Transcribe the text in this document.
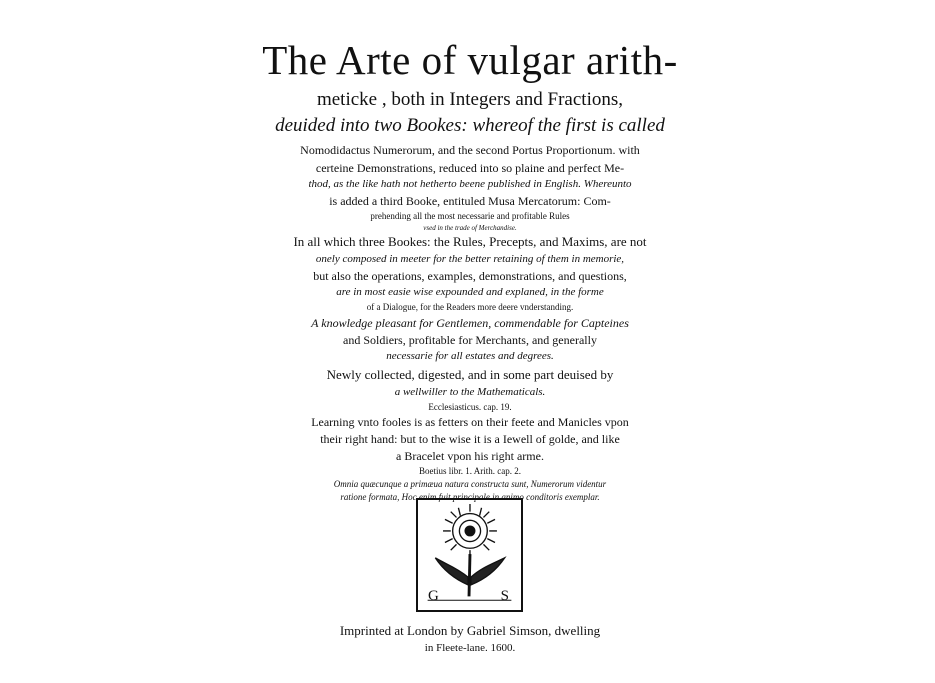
The Arte of vulgar arith-
meticke , both in Integers and Fractions,
deuided into two Bookes: whereof the first is called
Nomodidactus Numerorum, and the second Portus Proportionum. with
certeine Demonstrations, reduced into so plaine and perfect Me-
thod, as the like hath not hetherto beene published in English. Whereunto
is added a third Booke, entituled Musa Mercatorum: Com-
prehending all the most necessarie and profitable Rules
vsed in the trade of Merchandise.
In all which three Bookes: the Rules, Precepts, and Maxims, are not
onely composed in meeter for the better retaining of them in memorie,
but also the operations, examples, demonstrations, and questions,
are in most easie wise expounded and explaned, in the forme
of a Dialogue, for the Readers more deere vnderstanding.
A knowledge pleasant for Gentlemen, commendable for Capteines
and Soldiers, profitable for Merchants, and generally
necessarie for all estates and degrees.
Newly collected, digested, and in some part deuised by
a wellwiller to the Mathematicals.
Ecclesiasticus. cap. 19.
Learning vnto fooles is as fetters on their feete and Manicles vpon
their right hand: but to the wise it is a Iewell of golde, and like
a Bracelet vpon his right arme.
Boetius libr. 1. Arith. cap. 2.
Omnia quæcunque a primæua natura constructa sunt, Numerorum videntur
ratione formata, Hoc enim fuit principale in animo conditoris exemplar.
G	S
Imprinted at London by Gabriel Simson, dwelling
in Fleete-lane. 1600.
